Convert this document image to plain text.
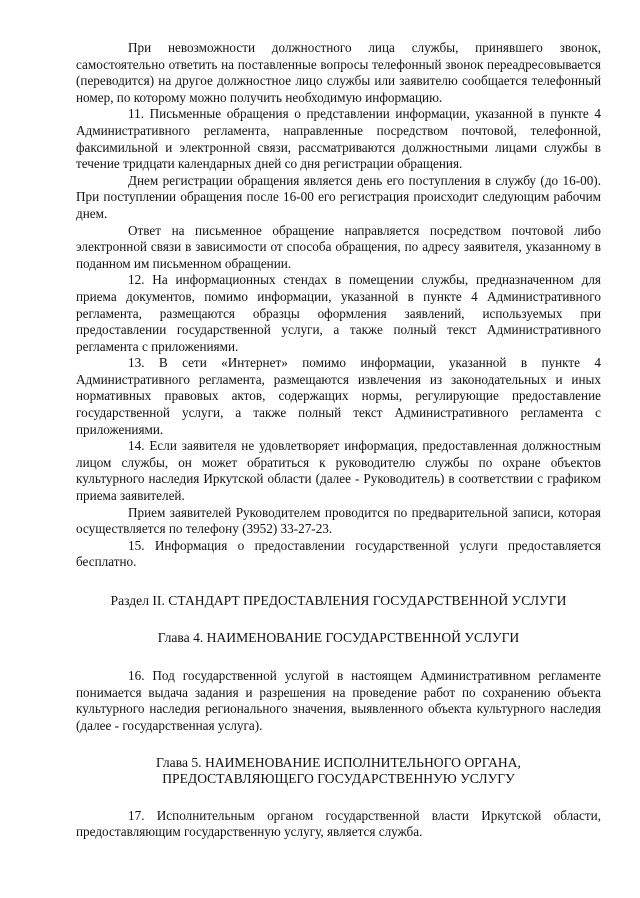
При невозможности должностного лица службы, принявшего звонок, самостоятельно ответить на поставленные вопросы телефонный звонок переадресовывается (переводится) на другое должностное лицо службы или заявителю сообщается телефонный номер, по которому можно получить необходимую информацию.

11. Письменные обращения о представлении информации, указанной в пункте 4 Административного регламента, направленные посредством почтовой, телефонной, факсимильной и электронной связи, рассматриваются должностными лицами службы в течение тридцати календарных дней со дня регистрации обращения.

Днем регистрации обращения является день его поступления в службу (до 16-00). При поступлении обращения после 16-00 его регистрация происходит следующим рабочим днем.

Ответ на письменное обращение направляется посредством почтовой либо электронной связи в зависимости от способа обращения, по адресу заявителя, указанному в поданном им письменном обращении.

12. На информационных стендах в помещении службы, предназначенном для приема документов, помимо информации, указанной в пункте 4 Административного регламента, размещаются образцы оформления заявлений, используемых при предоставлении государственной услуги, а также полный текст Административного регламента с приложениями.

13. В сети «Интернет» помимо информации, указанной в пункте 4 Административного регламента, размещаются извлечения из законодательных и иных нормативных правовых актов, содержащих нормы, регулирующие предоставление государственной услуги, а также полный текст Административного регламента с приложениями.

14. Если заявителя не удовлетворяет информация, предоставленная должностным лицом службы, он может обратиться к руководителю службы по охране объектов культурного наследия Иркутской области (далее - Руководитель) в соответствии с графиком приема заявителей.

Прием заявителей Руководителем проводится по предварительной записи, которая осуществляется по телефону (3952) 33-27-23.

15. Информация о предоставлении государственной услуги предоставляется бесплатно.

Раздел II. СТАНДАРТ ПРЕДОСТАВЛЕНИЯ ГОСУДАРСТВЕННОЙ УСЛУГИ

Глава 4. НАИМЕНОВАНИЕ ГОСУДАРСТВЕННОЙ УСЛУГИ

16. Под государственной услугой в настоящем Административном регламенте понимается выдача задания и разрешения на проведение работ по сохранению объекта культурного наследия регионального значения, выявленного объекта культурного наследия (далее - государственная услуга).

Глава 5. НАИМЕНОВАНИЕ ИСПОЛНИТЕЛЬНОГО ОРГАНА,

ПРЕДОСТАВЛЯЮЩЕГО ГОСУДАРСТВЕННУЮ УСЛУГУ

17. Исполнительным органом государственной власти Иркутской области, предоставляющим государственную услугу, является служба.
